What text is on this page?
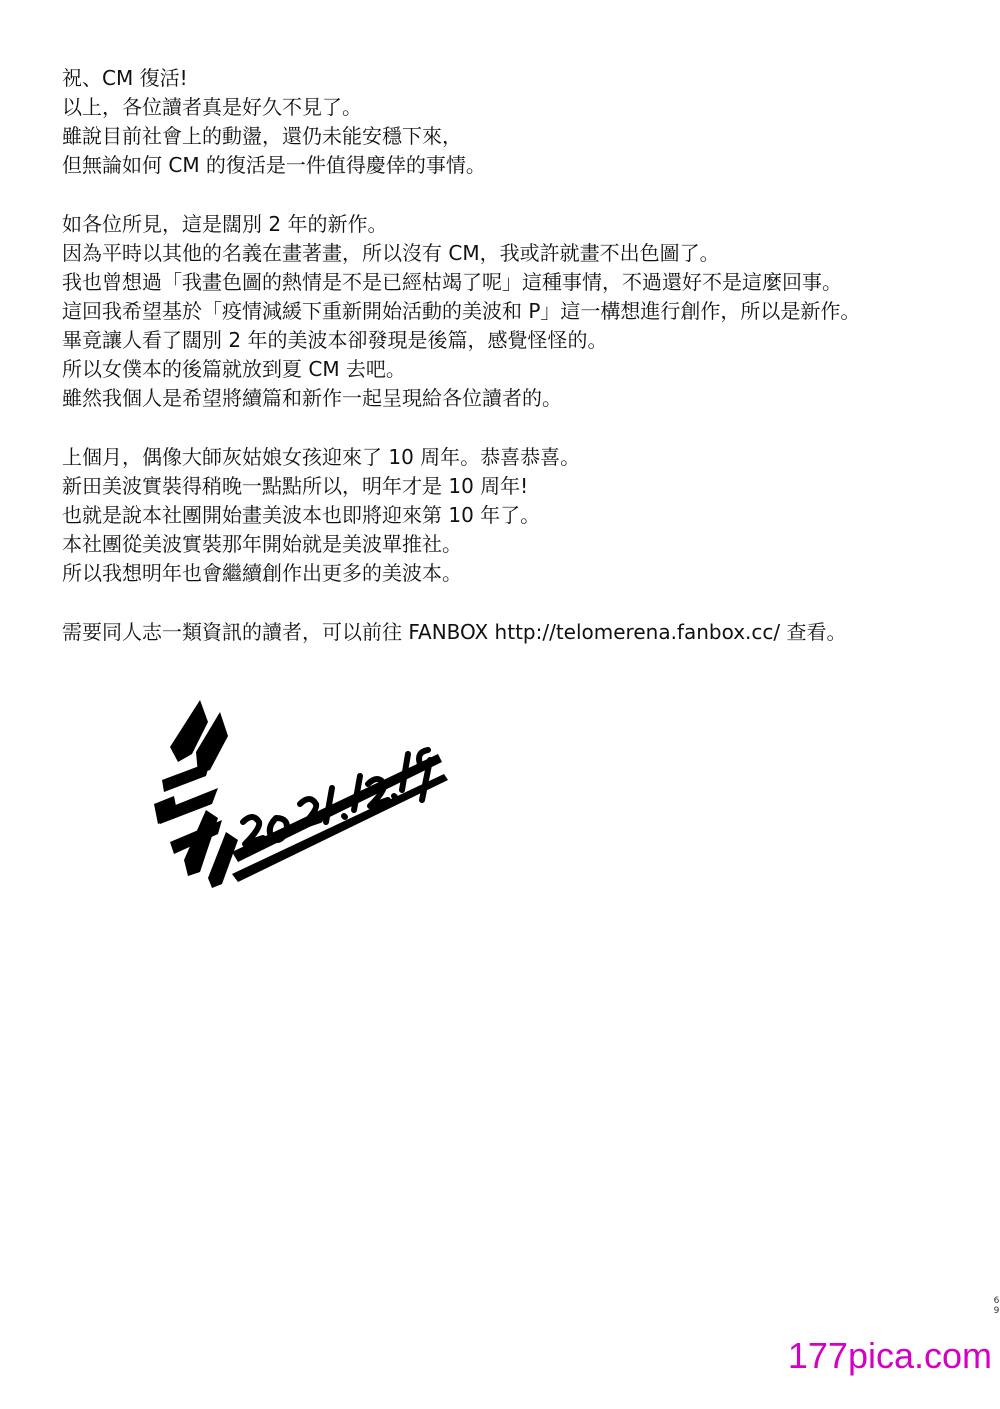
祝、CM 復活!
以上，各位讀者真是好久不見了。
雖說目前社會上的動盪，還仍未能安穩下來，
但無論如何 CM 的復活是一件值得慶倖的事情。
如各位所見，這是闊別 2 年的新作。
因為平時以其他的名義在畫著畫，所以沒有 CM，我或許就畫不出色圖了。
我也曾想過「我畫色圖的熱情是不是已經枯竭了呢」這種事情，不過還好不是這麼回事。
這回我希望基於「疫情減緩下重新開始活動的美波和 P」這一構想進行創作，所以是新作。
畢竟讓人看了闊別 2 年的美波本卻發現是後篇，感覺怪怪的。
所以女僕本的後篇就放到夏 CM 去吧。
雖然我個人是希望將續篇和新作一起呈現給各位讀者的。
上個月，偶像大師灰姑娘女孩迎來了 10 周年。恭喜恭喜。
新田美波實裝得稍晚一點點所以，明年才是 10 周年!
也就是說本社團開始畫美波本也即將迎來第 10 年了。
本社團從美波實裝那年開始就是美波單推社。
所以我想明年也會繼續創作出更多的美波本。
需要同人志一類資訊的讀者，可以前往 FANBOX http://telomerena.fanbox.cc/ 查看。
2021.12.19
69
177pica.com
